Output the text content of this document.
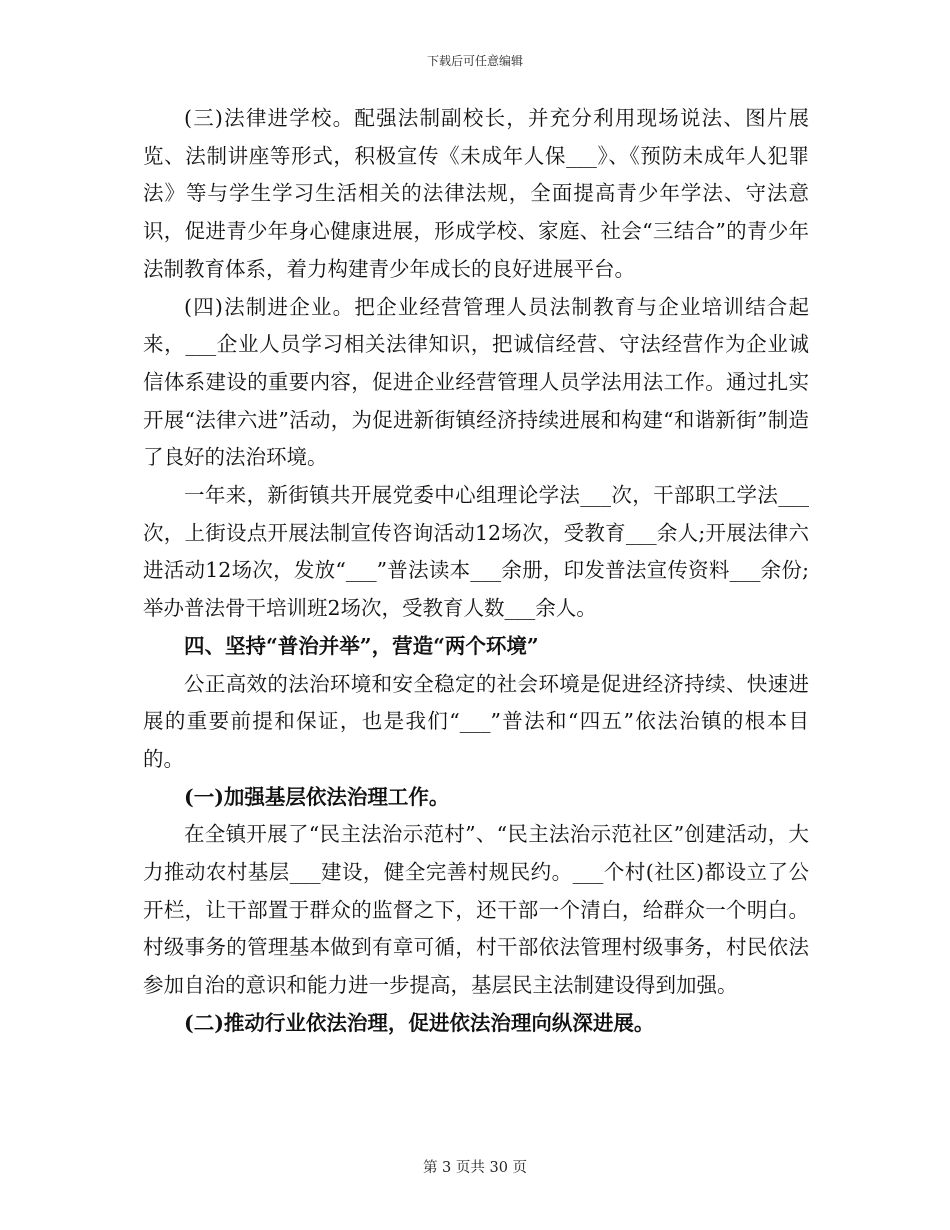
下载后可任意编辑

(三)法律进学校。配强法制副校长，并充分利用现场说法、图片展览、法制讲座等形式，积极宣传《未成年人保___》、《预防未成年人犯罪法》等与学生学习生活相关的法律法规，全面提高青少年学法、守法意识，促进青少年身心健康进展，形成学校、家庭、社会“三结合”的青少年法制教育体系，着力构建青少年成长的良好进展平台。

(四)法制进企业。把企业经营管理人员法制教育与企业培训结合起来，___企业人员学习相关法律知识，把诚信经营、守法经营作为企业诚信体系建设的重要内容，促进企业经营管理人员学法用法工作。通过扎实开展“法律六进”活动，为促进新街镇经济持续进展和构建“和谐新街”制造了良好的法治环境。

一年来，新街镇共开展党委中心组理论学法___次，干部职工学法___次，上街设点开展法制宣传咨询活动12场次，受教育___余人;开展法律六进活动12场次，发放“___”普法读本___余册，印发普法宣传资料___余份;举办普法骨干培训班2场次，受教育人数___余人。

四、坚持“普治并举”，营造“两个环境”

公正高效的法治环境和安全稳定的社会环境是促进经济持续、快速进展的重要前提和保证，也是我们“___”普法和“四五”依法治镇的根本目的。

(一)加强基层依法治理工作。

在全镇开展了“民主法治示范村”、“民主法治示范社区”创建活动，大力推动农村基层___建设，健全完善村规民约。___个村(社区)都设立了公开栏，让干部置于群众的监督之下，还干部一个清白，给群众一个明白。村级事务的管理基本做到有章可循，村干部依法管理村级事务，村民依法参加自治的意识和能力进一步提高，基层民主法制建设得到加强。

(二)推动行业依法治理，促进依法治理向纵深进展。

第 3 页共 30 页
